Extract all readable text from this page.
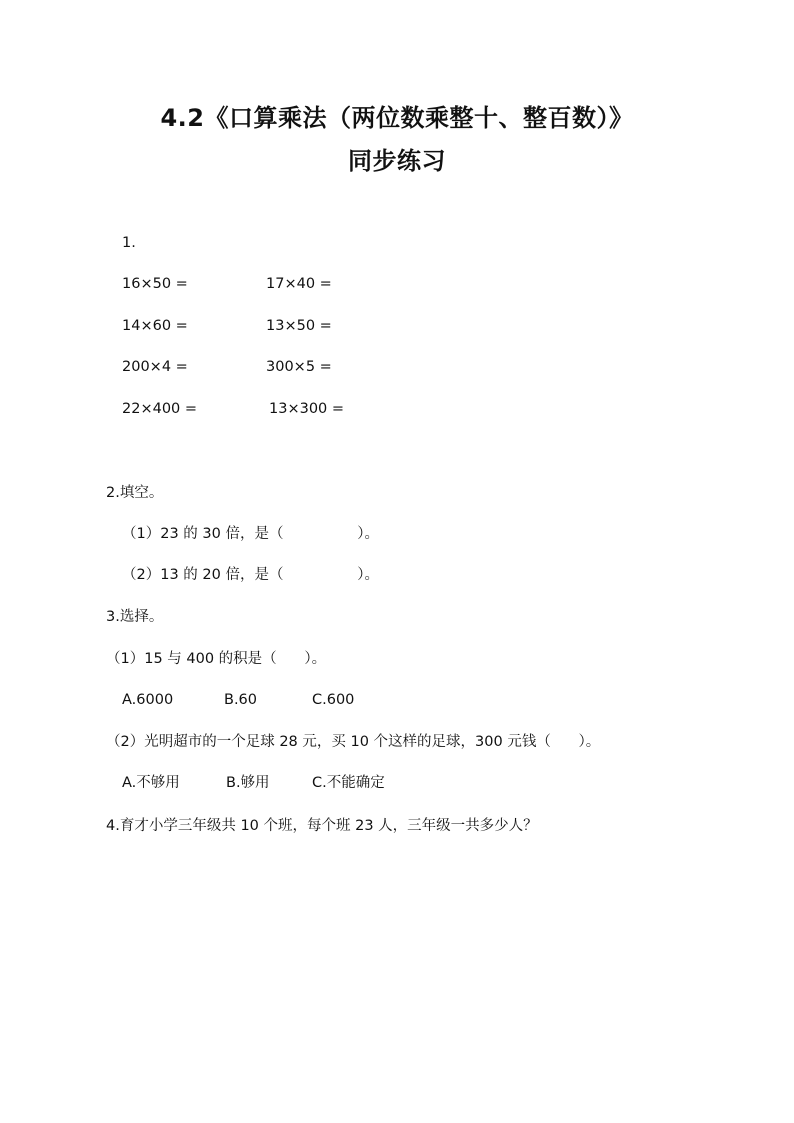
4.2《口算乘法（两位数乘整十、整百数）》
同步练习
1.
16×50 =	17×40 =
14×60 =	13×50 =
200×4 =	300×5 =
22×400 =	13×300 =
2.填空。
（1）23 的 30 倍，是（                ）。
（2）13 的 20 倍，是（                ）。
3.选择。
（1）15 与 400 的积是（      ）。
A.6000	B.60	C.600
（2）光明超市的一个足球 28 元，买 10 个这样的足球，300 元钱（      ）。
A.不够用	B.够用	C.不能确定
4.育才小学三年级共 10 个班，每个班 23 人，三年级一共多少人？
